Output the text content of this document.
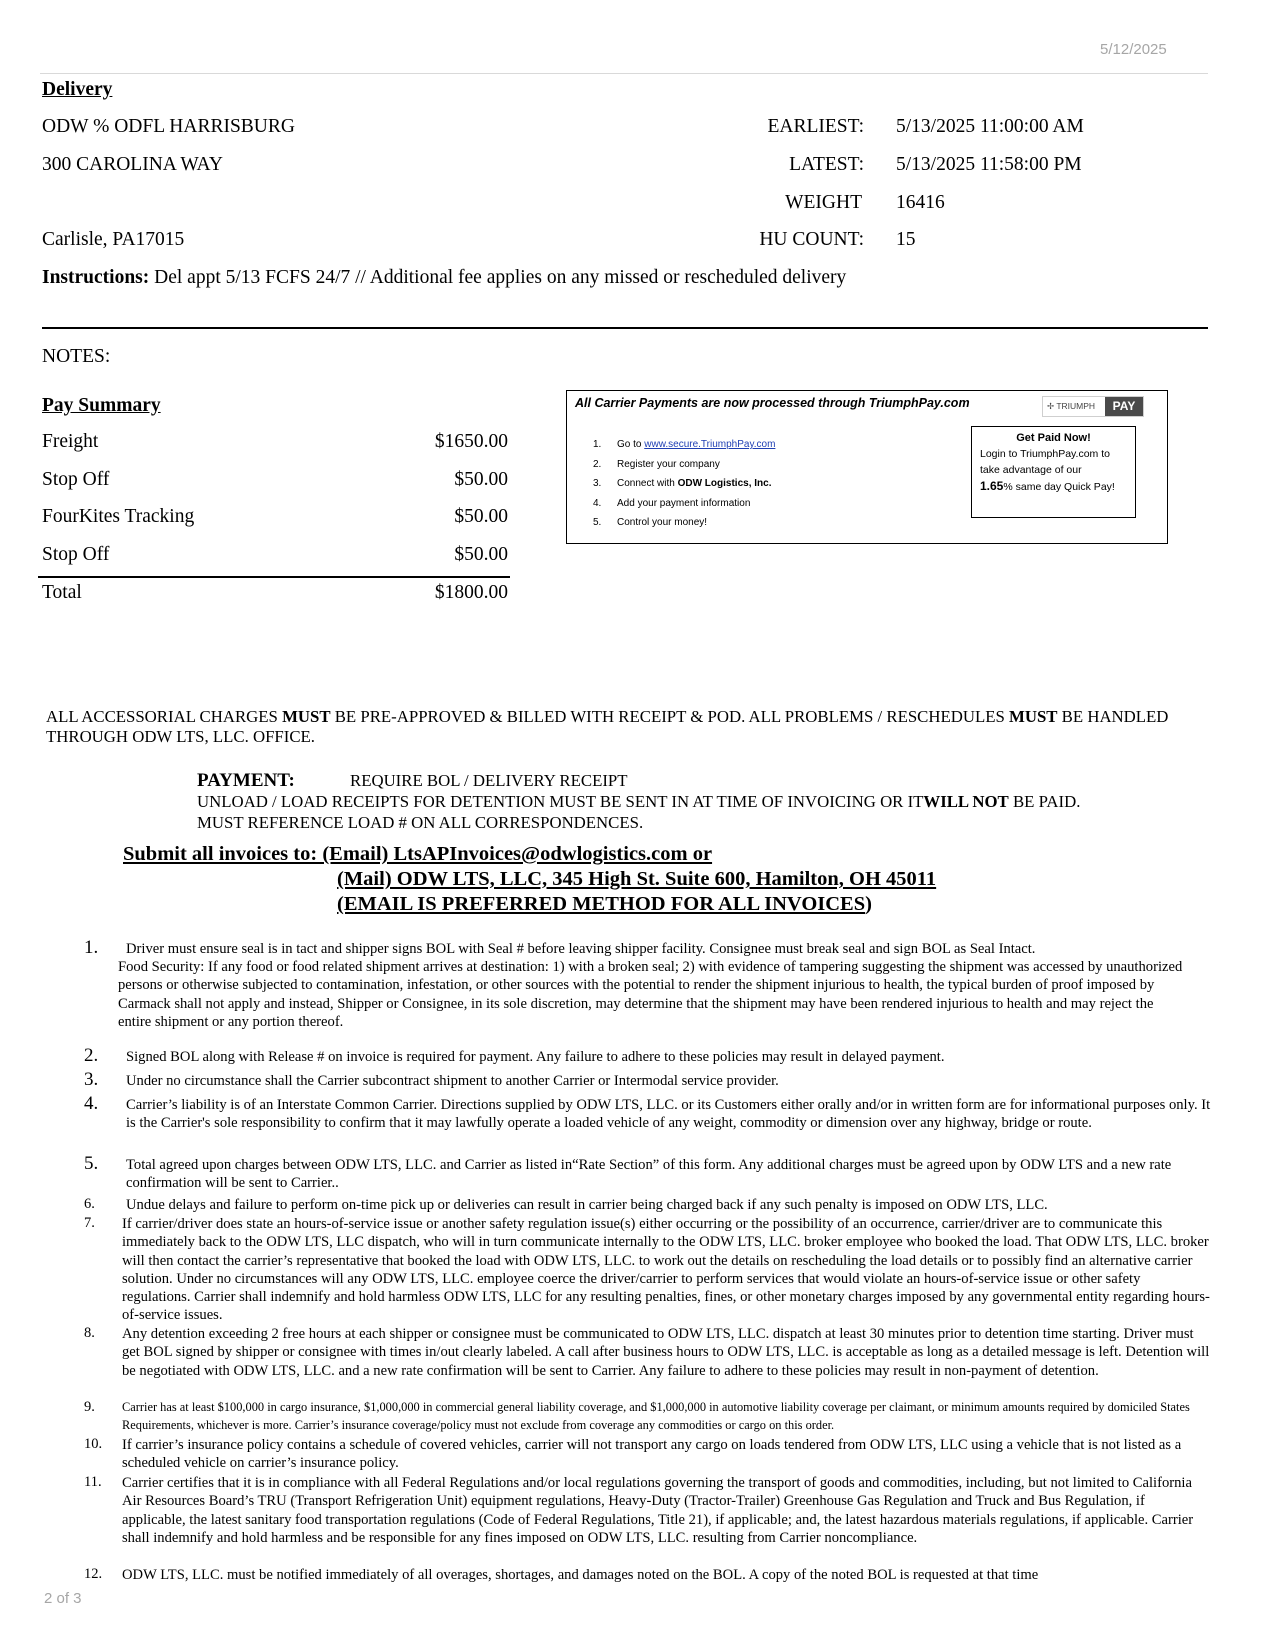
5/12/2025
Delivery
ODW % ODFL HARRISBURG
300 CAROLINA WAY
Carlisle, PA17015
EARLIEST: 5/13/2025 11:00:00 AM
LATEST: 5/13/2025 11:58:00 PM
WEIGHT 16416
HU COUNT: 15
Instructions: Del appt 5/13 FCFS 24/7 // Additional fee applies on any missed or rescheduled delivery
NOTES:
Pay Summary
Freight	$1650.00
Stop Off	$50.00
FourKites Tracking	$50.00
Stop Off	$50.00
Total	$1800.00
All Carrier Payments are now processed through TriumphPay.com	✢ TRIUMPH	PAY
1. Go to www.secure.TriumphPay.com
2. Register your company
3. Connect with ODW Logistics, Inc.
4. Add your payment information
5. Control your money!
Get Paid Now!
Login to TriumphPay.com to
take advantage of our
1.65% same day Quick Pay!
ALL ACCESSORIAL CHARGES MUST BE PRE-APPROVED & BILLED WITH RECEIPT & POD. ALL PROBLEMS / RESCHEDULES MUST BE HANDLED THROUGH ODW LTS, LLC. OFFICE.
PAYMENT:	REQUIRE BOL / DELIVERY RECEIPT
UNLOAD / LOAD RECEIPTS FOR DETENTION MUST BE SENT IN AT TIME OF INVOICING OR ITWILL NOT BE PAID.
MUST REFERENCE LOAD # ON ALL CORRESPONDENCES.
Submit all invoices to: (Email) LtsAPInvoices@odwlogistics.com or
(Mail) ODW LTS, LLC, 345 High St. Suite 600, Hamilton, OH 45011
(EMAIL IS PREFERRED METHOD FOR ALL INVOICES)
1. Driver must ensure seal is in tact and shipper signs BOL with Seal # before leaving shipper facility. Consignee must break seal and sign BOL as Seal Intact.
Food Security: If any food or food related shipment arrives at destination: 1) with a broken seal; 2) with evidence of tampering suggesting the shipment was accessed by unauthorized persons or otherwise subjected to contamination, infestation, or other sources with the potential to render the shipment injurious to health, the typical burden of proof imposed by Carmack shall not apply and instead, Shipper or Consignee, in its sole discretion, may determine that the shipment may have been rendered injurious to health and may reject the entire shipment or any portion thereof.
2. Signed BOL along with Release # on invoice is required for payment. Any failure to adhere to these policies may result in delayed payment.
3. Under no circumstance shall the Carrier subcontract shipment to another Carrier or Intermodal service provider.
4. Carrier’s liability is of an Interstate Common Carrier. Directions supplied by ODW LTS, LLC. or its Customers either orally and/or in written form are for informational purposes only. It is the Carrier's sole responsibility to confirm that it may lawfully operate a loaded vehicle of any weight, commodity or dimension over any highway, bridge or route.
5. Total agreed upon charges between ODW LTS, LLC. and Carrier as listed in“Rate Section” of this form. Any additional charges must be agreed upon by ODW LTS and a new rate confirmation will be sent to Carrier..
6. Undue delays and failure to perform on-time pick up or deliveries can result in carrier being charged back if any such penalty is imposed on ODW LTS, LLC.
7. If carrier/driver does state an hours-of-service issue or another safety regulation issue(s) either occurring or the possibility of an occurrence, carrier/driver are to communicate this immediately back to the ODW LTS, LLC dispatch, who will in turn communicate internally to the ODW LTS, LLC. broker employee who booked the load. That ODW LTS, LLC. broker will then contact the carrier’s representative that booked the load with ODW LTS, LLC. to work out the details on rescheduling the load details or to possibly find an alternative carrier solution. Under no circumstances will any ODW LTS, LLC. employee coerce the driver/carrier to perform services that would violate an hours-of-service issue or other safety regulations. Carrier shall indemnify and hold harmless ODW LTS, LLC for any resulting penalties, fines, or other monetary charges imposed by any governmental entity regarding hours-of-service issues.
8. Any detention exceeding 2 free hours at each shipper or consignee must be communicated to ODW LTS, LLC. dispatch at least 30 minutes prior to detention time starting. Driver must get BOL signed by shipper or consignee with times in/out clearly labeled. A call after business hours to ODW LTS, LLC. is acceptable as long as a detailed message is left. Detention will be negotiated with ODW LTS, LLC. and a new rate confirmation will be sent to Carrier. Any failure to adhere to these policies may result in non-payment of detention.
9. Carrier has at least $100,000 in cargo insurance, $1,000,000 in commercial general liability coverage, and $1,000,000 in automotive liability coverage per claimant, or minimum amounts required by domiciled States Requirements, whichever is more. Carrier’s insurance coverage/policy must not exclude from coverage any commodities or cargo on this order.
10. If carrier’s insurance policy contains a schedule of covered vehicles, carrier will not transport any cargo on loads tendered from ODW LTS, LLC using a vehicle that is not listed as a scheduled vehicle on carrier’s insurance policy.
11. Carrier certifies that it is in compliance with all Federal Regulations and/or local regulations governing the transport of goods and commodities, including, but not limited to California Air Resources Board’s TRU (Transport Refrigeration Unit) equipment regulations, Heavy-Duty (Tractor-Trailer) Greenhouse Gas Regulation and Truck and Bus Regulation, if applicable, the latest sanitary food transportation regulations (Code of Federal Regulations, Title 21), if applicable; and, the latest hazardous materials regulations, if applicable. Carrier shall indemnify and hold harmless and be responsible for any fines imposed on ODW LTS, LLC. resulting from Carrier noncompliance.
12. ODW LTS, LLC. must be notified immediately of all overages, shortages, and damages noted on the BOL. A copy of the noted BOL is requested at that time
2 of 3
